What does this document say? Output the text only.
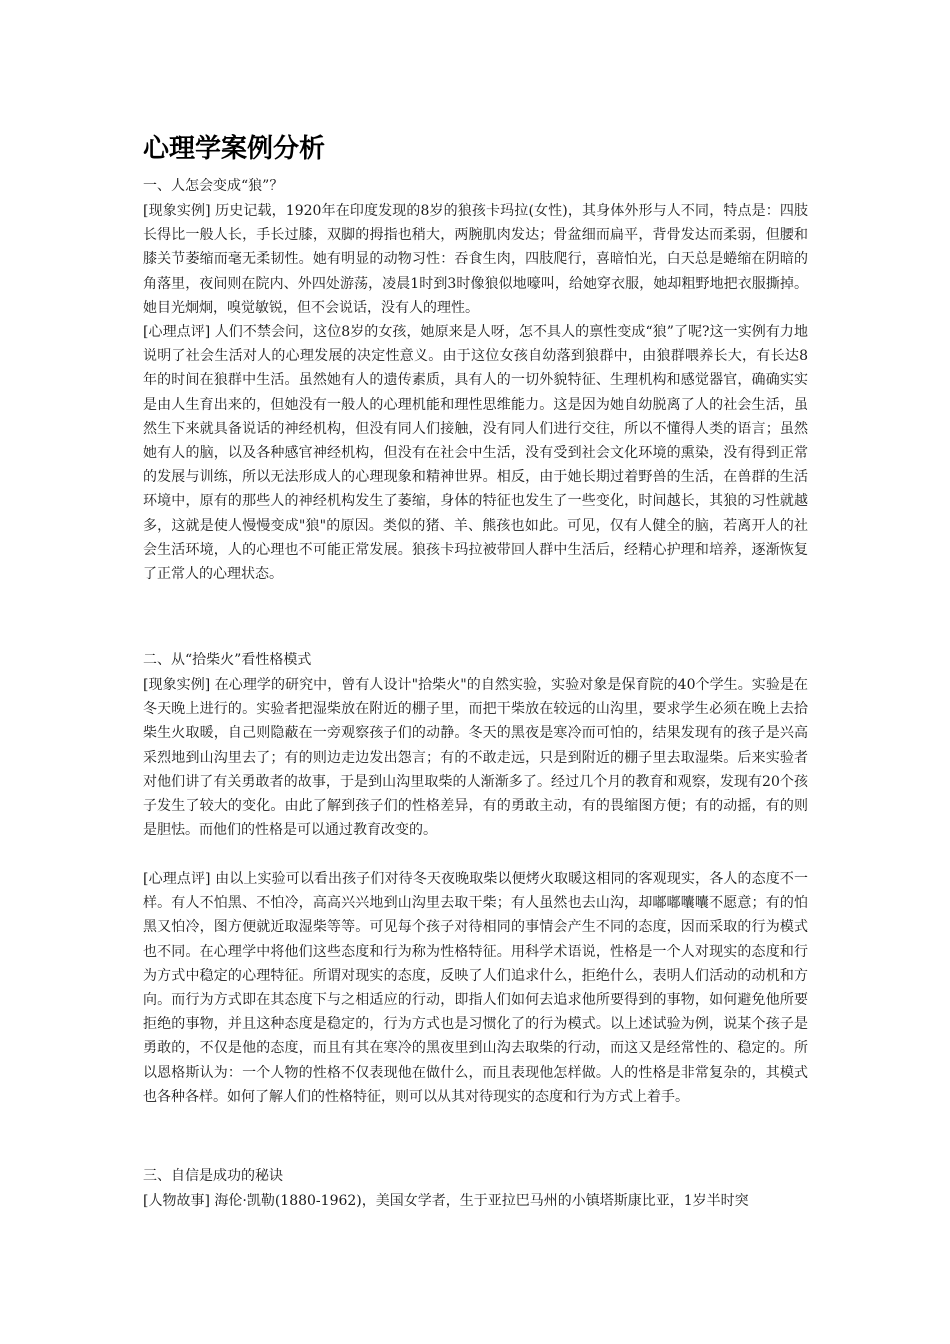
心理学案例分析

一、人怎会变成“狼”？

[现象实例] 历史记载，1920年在印度发现的8岁的狼孩卡玛拉(女性)，其身体外形与人不同，特点是：四肢长得比一般人长，手长过膝，双脚的拇指也稍大，两腕肌肉发达；骨盆细而扁平，背骨发达而柔弱，但腰和膝关节萎缩而毫无柔韧性。她有明显的动物习性：吞食生肉，四肢爬行，喜暗怕光，白天总是蜷缩在阴暗的角落里，夜间则在院内、外四处游荡，凌晨1时到3时像狼似地嚎叫，给她穿衣服，她却粗野地把衣服撕掉。她目光炯炯，嗅觉敏锐，但不会说话，没有人的理性。

[心理点评] 人们不禁会问，这位8岁的女孩，她原来是人呀，怎不具人的禀性变成“狼”了呢?这一实例有力地说明了社会生活对人的心理发展的决定性意义。由于这位女孩自幼落到狼群中，由狼群喂养长大，有长达8年的时间在狼群中生活。虽然她有人的遗传素质，具有人的一切外貌特征、生理机构和感觉器官，确确实实是由人生育出来的，但她没有一般人的心理机能和理性思维能力。这是因为她自幼脱离了人的社会生活，虽然生下来就具备说话的神经机构，但没有同人们接触，没有同人们进行交往，所以不懂得人类的语言；虽然她有人的脑，以及各种感官神经机构，但没有在社会中生活，没有受到社会文化环境的熏染，没有得到正常的发展与训练，所以无法形成人的心理现象和精神世界。相反，由于她长期过着野兽的生活，在兽群的生活环境中，原有的那些人的神经机构发生了萎缩，身体的特征也发生了一些变化，时间越长，其狼的习性就越多，这就是使人慢慢变成"狼"的原因。类似的猪、羊、熊孩也如此。可见，仅有人健全的脑，若离开人的社会生活环境，人的心理也不可能正常发展。狼孩卡玛拉被带回人群中生活后，经精心护理和培养，逐渐恢复了正常人的心理状态。

二、从“拾柴火”看性格模式

[现象实例] 在心理学的研究中，曾有人设计"拾柴火"的自然实验，实验对象是保育院的40个学生。实验是在冬天晚上进行的。实验者把湿柴放在附近的棚子里，而把干柴放在较远的山沟里，要求学生必须在晚上去拾柴生火取暖，自己则隐蔽在一旁观察孩子们的动静。冬天的黑夜是寒冷而可怕的，结果发现有的孩子是兴高采烈地到山沟里去了；有的则边走边发出怨言；有的不敢走远，只是到附近的棚子里去取湿柴。后来实验者对他们讲了有关勇敢者的故事，于是到山沟里取柴的人渐渐多了。经过几个月的教育和观察，发现有20个孩子发生了较大的变化。由此了解到孩子们的性格差异，有的勇敢主动，有的畏缩图方便；有的动摇，有的则是胆怯。而他们的性格是可以通过教育改变的。

[心理点评] 由以上实验可以看出孩子们对待冬天夜晚取柴以便烤火取暖这相同的客观现实，各人的态度不一样。有人不怕黑、不怕冷，高高兴兴地到山沟里去取干柴；有人虽然也去山沟，却嘟嘟囔囔不愿意；有的怕黑又怕冷，图方便就近取湿柴等等。可见每个孩子对待相同的事情会产生不同的态度，因而采取的行为模式也不同。在心理学中将他们这些态度和行为称为性格特征。用科学术语说，性格是一个人对现实的态度和行为方式中稳定的心理特征。所谓对现实的态度，反映了人们追求什么，拒绝什么，表明人们活动的动机和方向。而行为方式即在其态度下与之相适应的行动，即指人们如何去追求他所要得到的事物，如何避免他所要拒绝的事物，并且这种态度是稳定的，行为方式也是习惯化了的行为模式。以上述试验为例，说某个孩子是勇敢的，不仅是他的态度，而且有其在寒冷的黑夜里到山沟去取柴的行动，而这又是经常性的、稳定的。所以恩格斯认为：一个人物的性格不仅表现他在做什么，而且表现他怎样做。人的性格是非常复杂的，其模式也各种各样。如何了解人们的性格特征，则可以从其对待现实的态度和行为方式上着手。

三、自信是成功的秘诀

[人物故事] 海伦·凯勒(1880-1962)，美国女学者，生于亚拉巴马州的小镇塔斯康比亚，1岁半时突
